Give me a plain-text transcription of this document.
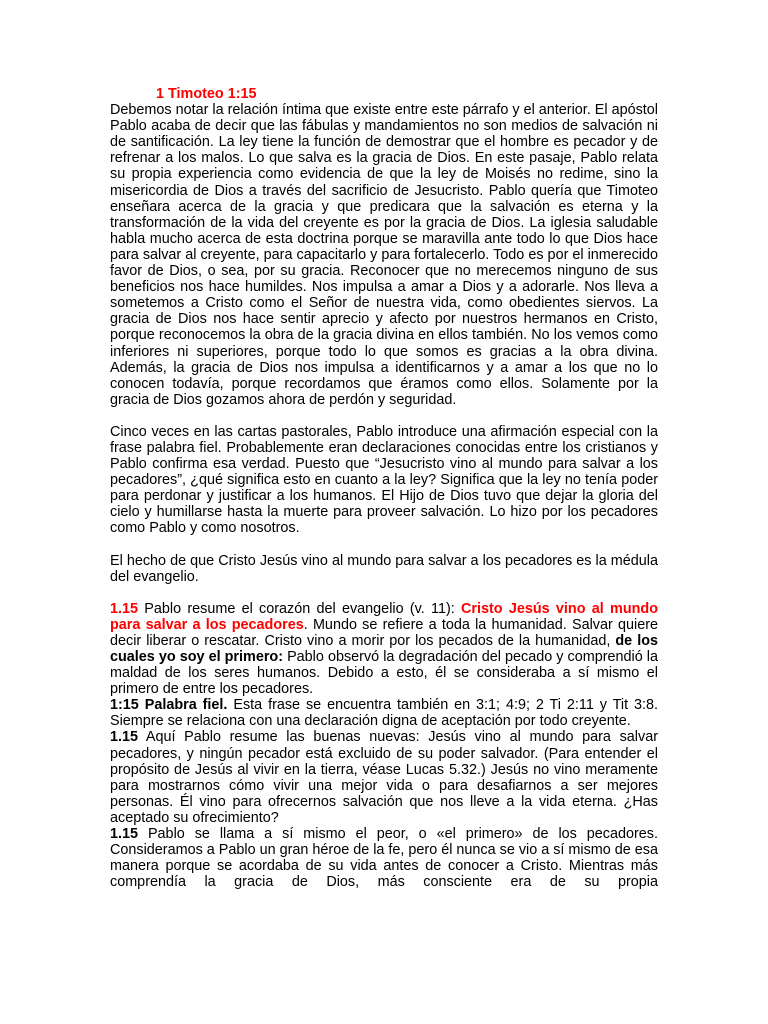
1 Timoteo 1:15

Debemos notar la relación íntima que existe entre este párrafo y el anterior. El apóstol Pablo acaba de decir que las fábulas y mandamientos no son medios de salvación ni de santificación. La ley tiene la función de demostrar que el hombre es pecador y de refrenar a los malos. Lo que salva es la gracia de Dios. En este pasaje, Pablo relata su propia experiencia como evidencia de que la ley de Moisés no redime, sino la misericordia de Dios a través del sacrificio de Jesucristo. Pablo quería que Timoteo enseñara acerca de la gracia y que predicara que la salvación es eterna y la transformación de la vida del creyente es por la gracia de Dios. La iglesia saludable habla mucho acerca de esta doctrina porque se maravilla ante todo lo que Dios hace para salvar al creyente, para capacitarlo y para fortalecerlo. Todo es por el inmerecido favor de Dios, o sea, por su gracia. Reconocer que no merecemos ninguno de sus beneficios nos hace humildes. Nos impulsa a amar a Dios y a adorarle. Nos lleva a sometemos a Cristo como el Señor de nuestra vida, como obedientes siervos. La gracia de Dios nos hace sentir aprecio y afecto por nuestros hermanos en Cristo, porque reconocemos la obra de la gracia divina en ellos también. No los vemos como inferiores ni superiores, porque todo lo que somos es gracias a la obra divina. Además, la gracia de Dios nos impulsa a identificarnos y a amar a los que no lo conocen todavía, porque recordamos que éramos como ellos. Solamente por la gracia de Dios gozamos ahora de perdón y seguridad.

Cinco veces en las cartas pastorales, Pablo introduce una afirmación especial con la frase palabra fiel. Probablemente eran declaraciones conocidas entre los cristianos y Pablo confirma esa verdad. Puesto que “Jesucristo vino al mundo para salvar a los pecadores”, ¿qué significa esto en cuanto a la ley? Significa que la ley no tenía poder para perdonar y justificar a los humanos. El Hijo de Dios tuvo que dejar la gloria del cielo y humillarse hasta la muerte para proveer salvación. Lo hizo por los pecadores como Pablo y como nosotros.

El hecho de que Cristo Jesús vino al mundo para salvar a los pecadores es la médula del evangelio.

1.15 Pablo resume el corazón del evangelio (v. 11): Cristo Jesús vino al mundo para salvar a los pecadores. Mundo se refiere a toda la humanidad. Salvar quiere decir liberar o rescatar. Cristo vino a morir por los pecados de la humanidad, de los cuales yo soy el primero: Pablo observó la degradación del pecado y comprendió la maldad de los seres humanos. Debido a esto, él se consideraba a sí mismo el primero de entre los pecadores.

1:15 Palabra fiel. Esta frase se encuentra también en 3:1; 4:9; 2 Ti 2:11 y Tit 3:8. Siempre se relaciona con una declaración digna de aceptación por todo creyente.

1.15 Aquí Pablo resume las buenas nuevas: Jesús vino al mundo para salvar pecadores, y ningún pecador está excluido de su poder salvador. (Para entender el propósito de Jesús al vivir en la tierra, véase Lucas 5.32.) Jesús no vino meramente para mostrarnos cómo vivir una mejor vida o para desafiarnos a ser mejores personas. Él vino para ofrecernos salvación que nos lleve a la vida eterna. ¿Has aceptado su ofrecimiento?

1.15 Pablo se llama a sí mismo el peor, o «el primero» de los pecadores. Consideramos a Pablo un gran héroe de la fe, pero él nunca se vio a sí mismo de esa manera porque se acordaba de su vida antes de conocer a Cristo. Mientras más comprendía la gracia de Dios, más consciente era de su propia
